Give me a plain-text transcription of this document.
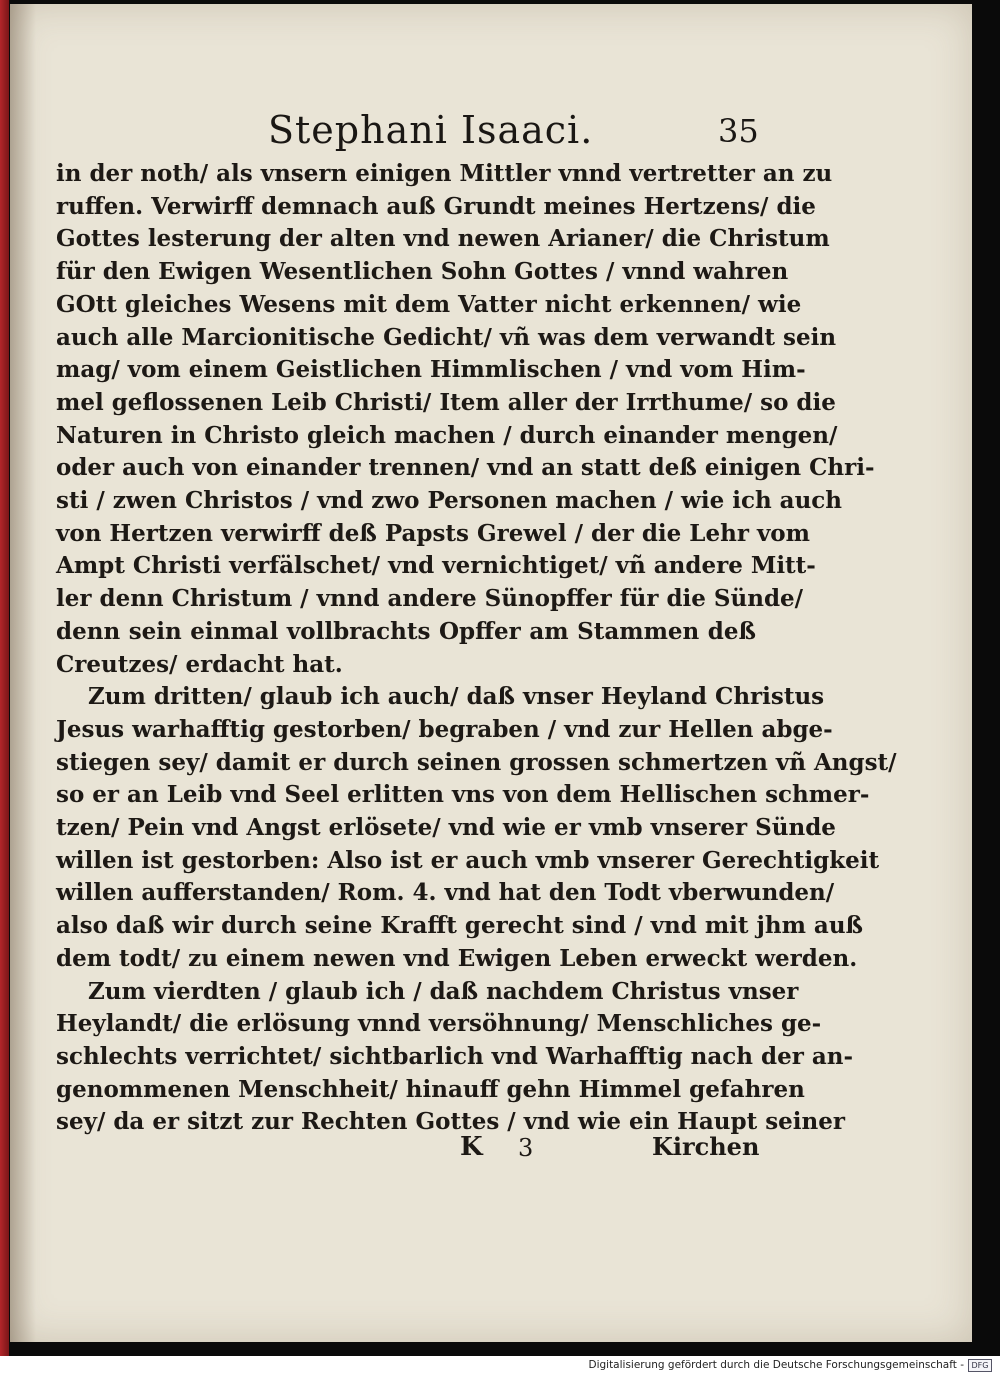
Stephani Isaaci.	35
in der noth/ als vnsern einigen Mittler vnnd vertretter an zu
ruffen. Verwirff demnach auß Grundt meines Hertzens/ die
Gottes lesterung der alten vnd newen Arianer/ die Christum
für den Ewigen Wesentlichen Sohn Gottes / vnnd wahren
GOtt gleiches Wesens mit dem Vatter nicht erkennen/ wie
auch alle Marcionitische Gedicht/ vñ was dem verwandt sein
mag/ vom einem Geistlichen Himmlischen / vnd vom Him-
mel geflossenen Leib Christi/ Item aller der Irrthume/ so die
Naturen in Christo gleich machen / durch einander mengen/
oder auch von einander trennen/ vnd an statt deß einigen Chri-
sti / zwen Christos / vnd zwo Personen machen / wie ich auch
von Hertzen verwirff deß Papsts Grewel / der die Lehr vom
Ampt Christi verfälschet/ vnd vernichtiget/ vñ andere Mitt-
ler denn Christum / vnnd andere Sünopffer für die Sünde/
denn sein einmal vollbrachts Opffer am Stammen deß
Creutzes/ erdacht hat.
Zum dritten/ glaub ich auch/ daß vnser Heyland Christus
Jesus warhafftig gestorben/ begraben / vnd zur Hellen abge-
stiegen sey/ damit er durch seinen grossen schmertzen vñ Angst/
so er an Leib vnd Seel erlitten vns von dem Hellischen schmer-
tzen/ Pein vnd Angst erlösete/ vnd wie er vmb vnserer Sünde
willen ist gestorben: Also ist er auch vmb vnserer Gerechtigkeit
willen aufferstanden/ Rom. 4. vnd hat den Todt vberwunden/
also daß wir durch seine Krafft gerecht sind / vnd mit jhm auß
dem todt/ zu einem newen vnd Ewigen Leben erweckt werden.
Zum vierdten / glaub ich / daß nachdem Christus vnser
Heylandt/ die erlösung vnnd versöhnung/ Menschliches ge-
schlechts verrichtet/ sichtbarlich vnd Warhafftig nach der an-
genommenen Menschheit/ hinauff gehn Himmel gefahren
sey/ da er sitzt zur Rechten Gottes / vnd wie ein Haupt seiner
K 3	Kirchen
Digitalisierung gefördert durch die Deutsche Forschungsgemeinschaft - DFG
